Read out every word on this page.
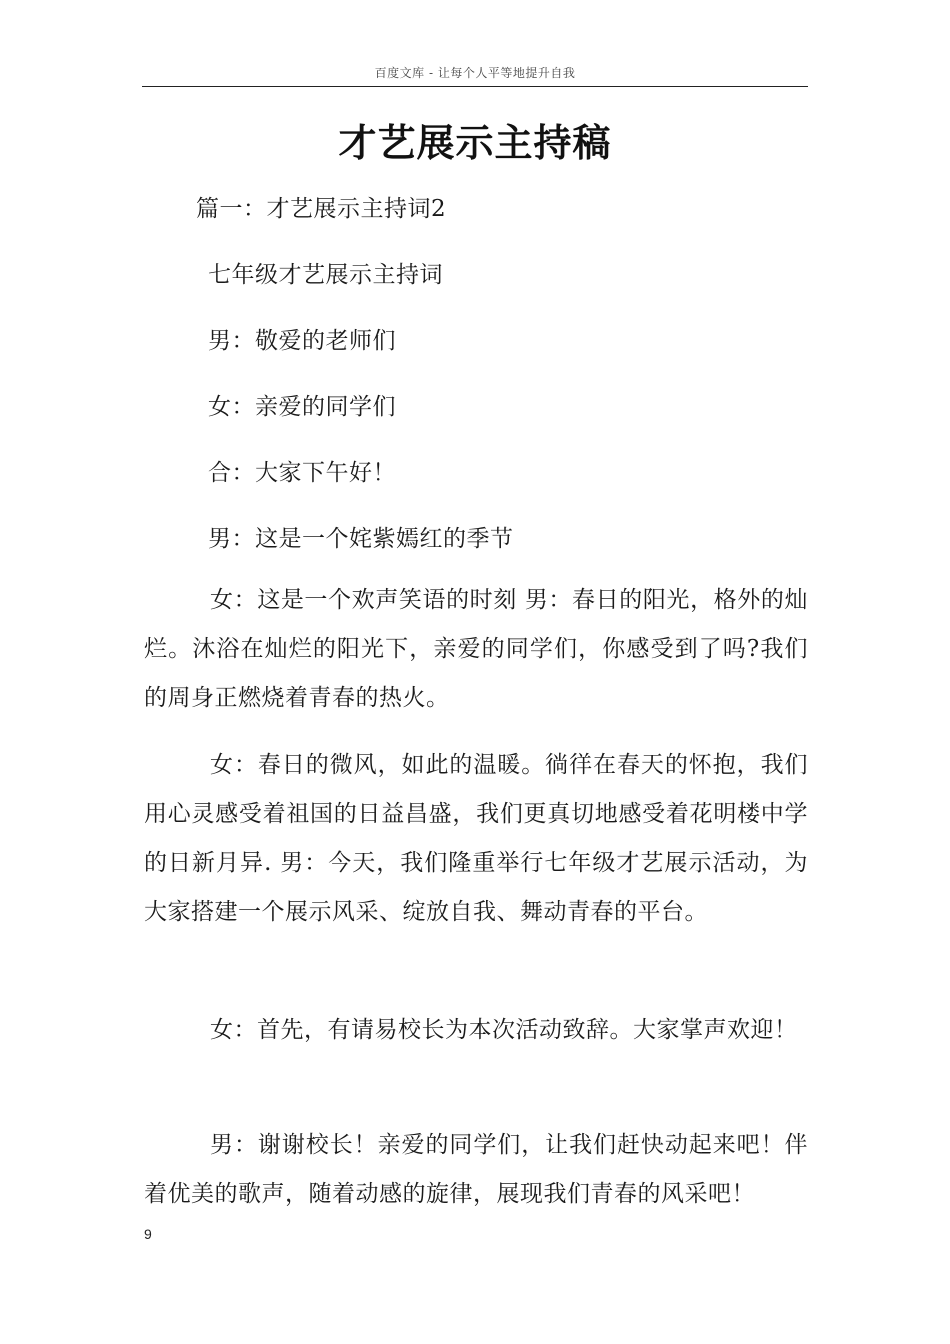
百度文库 - 让每个人平等地提升自我
才艺展示主持稿
篇一：才艺展示主持词2
七年级才艺展示主持词
男：敬爱的老师们
女：亲爱的同学们
合：大家下午好！
男：这是一个姹紫嫣红的季节
女：这是一个欢声笑语的时刻 男：春日的阳光，格外的灿烂。沐浴在灿烂的阳光下，亲爱的同学们，你感受到了吗?我们的周身正燃烧着青春的热火。
女：春日的微风，如此的温暖。徜徉在春天的怀抱，我们用心灵感受着祖国的日益昌盛，我们更真切地感受着花明楼中学的日新月异. 男：今天，我们隆重举行七年级才艺展示活动，为大家搭建一个展示风采、绽放自我、舞动青春的平台。
女：首先，有请易校长为本次活动致辞。大家掌声欢迎！
男：谢谢校长！亲爱的同学们，让我们赶快动起来吧！伴着优美的歌声，随着动感的旋律，展现我们青春的风采吧！
9
